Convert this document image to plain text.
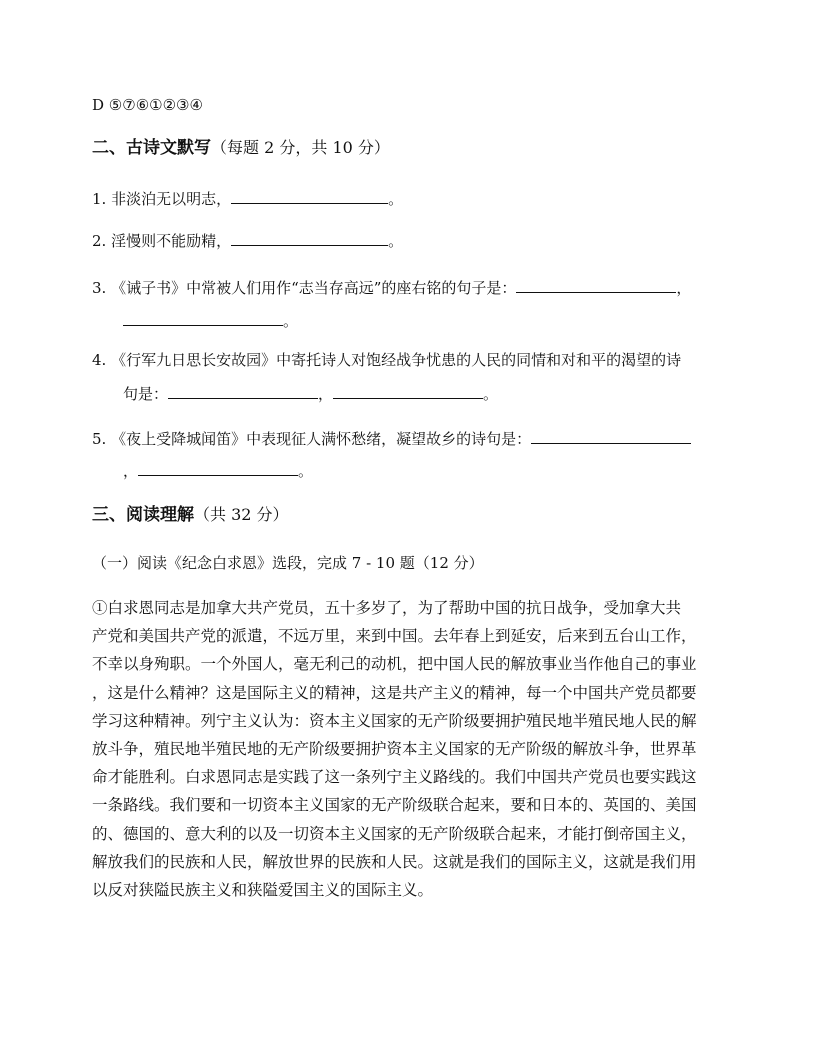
D ⑤⑦⑥①②③④
二、古诗文默写（每题 2 分，共 10 分）
1. 非淡泊无以明志，	。
2. 淫慢则不能励精，	。
3. 《诫子书》中常被人们用作“志当存高远”的座右铭的句子是：	，
。
4. 《行军九日思长安故园》中寄托诗人对饱经战争忧患的人民的同情和对和平的渴望的诗
句是：	，	。
5. 《夜上受降城闻笛》中表现征人满怀愁绪，凝望故乡的诗句是：
，	。
三、阅读理解（共 32 分）
（一）阅读《纪念白求恩》选段，完成 7 - 10 题（12 分）
①白求恩同志是加拿大共产党员，五十多岁了，为了帮助中国的抗日战争，受加拿大共
产党和美国共产党的派遣，不远万里，来到中国。去年春上到延安，后来到五台山工作，
不幸以身殉职。一个外国人，毫无利己的动机，把中国人民的解放事业当作他自己的事业
，这是什么精神？这是国际主义的精神，这是共产主义的精神，每一个中国共产党员都要
学习这种精神。列宁主义认为：资本主义国家的无产阶级要拥护殖民地半殖民地人民的解
放斗争，殖民地半殖民地的无产阶级要拥护资本主义国家的无产阶级的解放斗争，世界革
命才能胜利。白求恩同志是实践了这一条列宁主义路线的。我们中国共产党员也要实践这
一条路线。我们要和一切资本主义国家的无产阶级联合起来，要和日本的、英国的、美国
的、德国的、意大利的以及一切资本主义国家的无产阶级联合起来，才能打倒帝国主义，
解放我们的民族和人民，解放世界的民族和人民。这就是我们的国际主义，这就是我们用
以反对狭隘民族主义和狭隘爱国主义的国际主义。
